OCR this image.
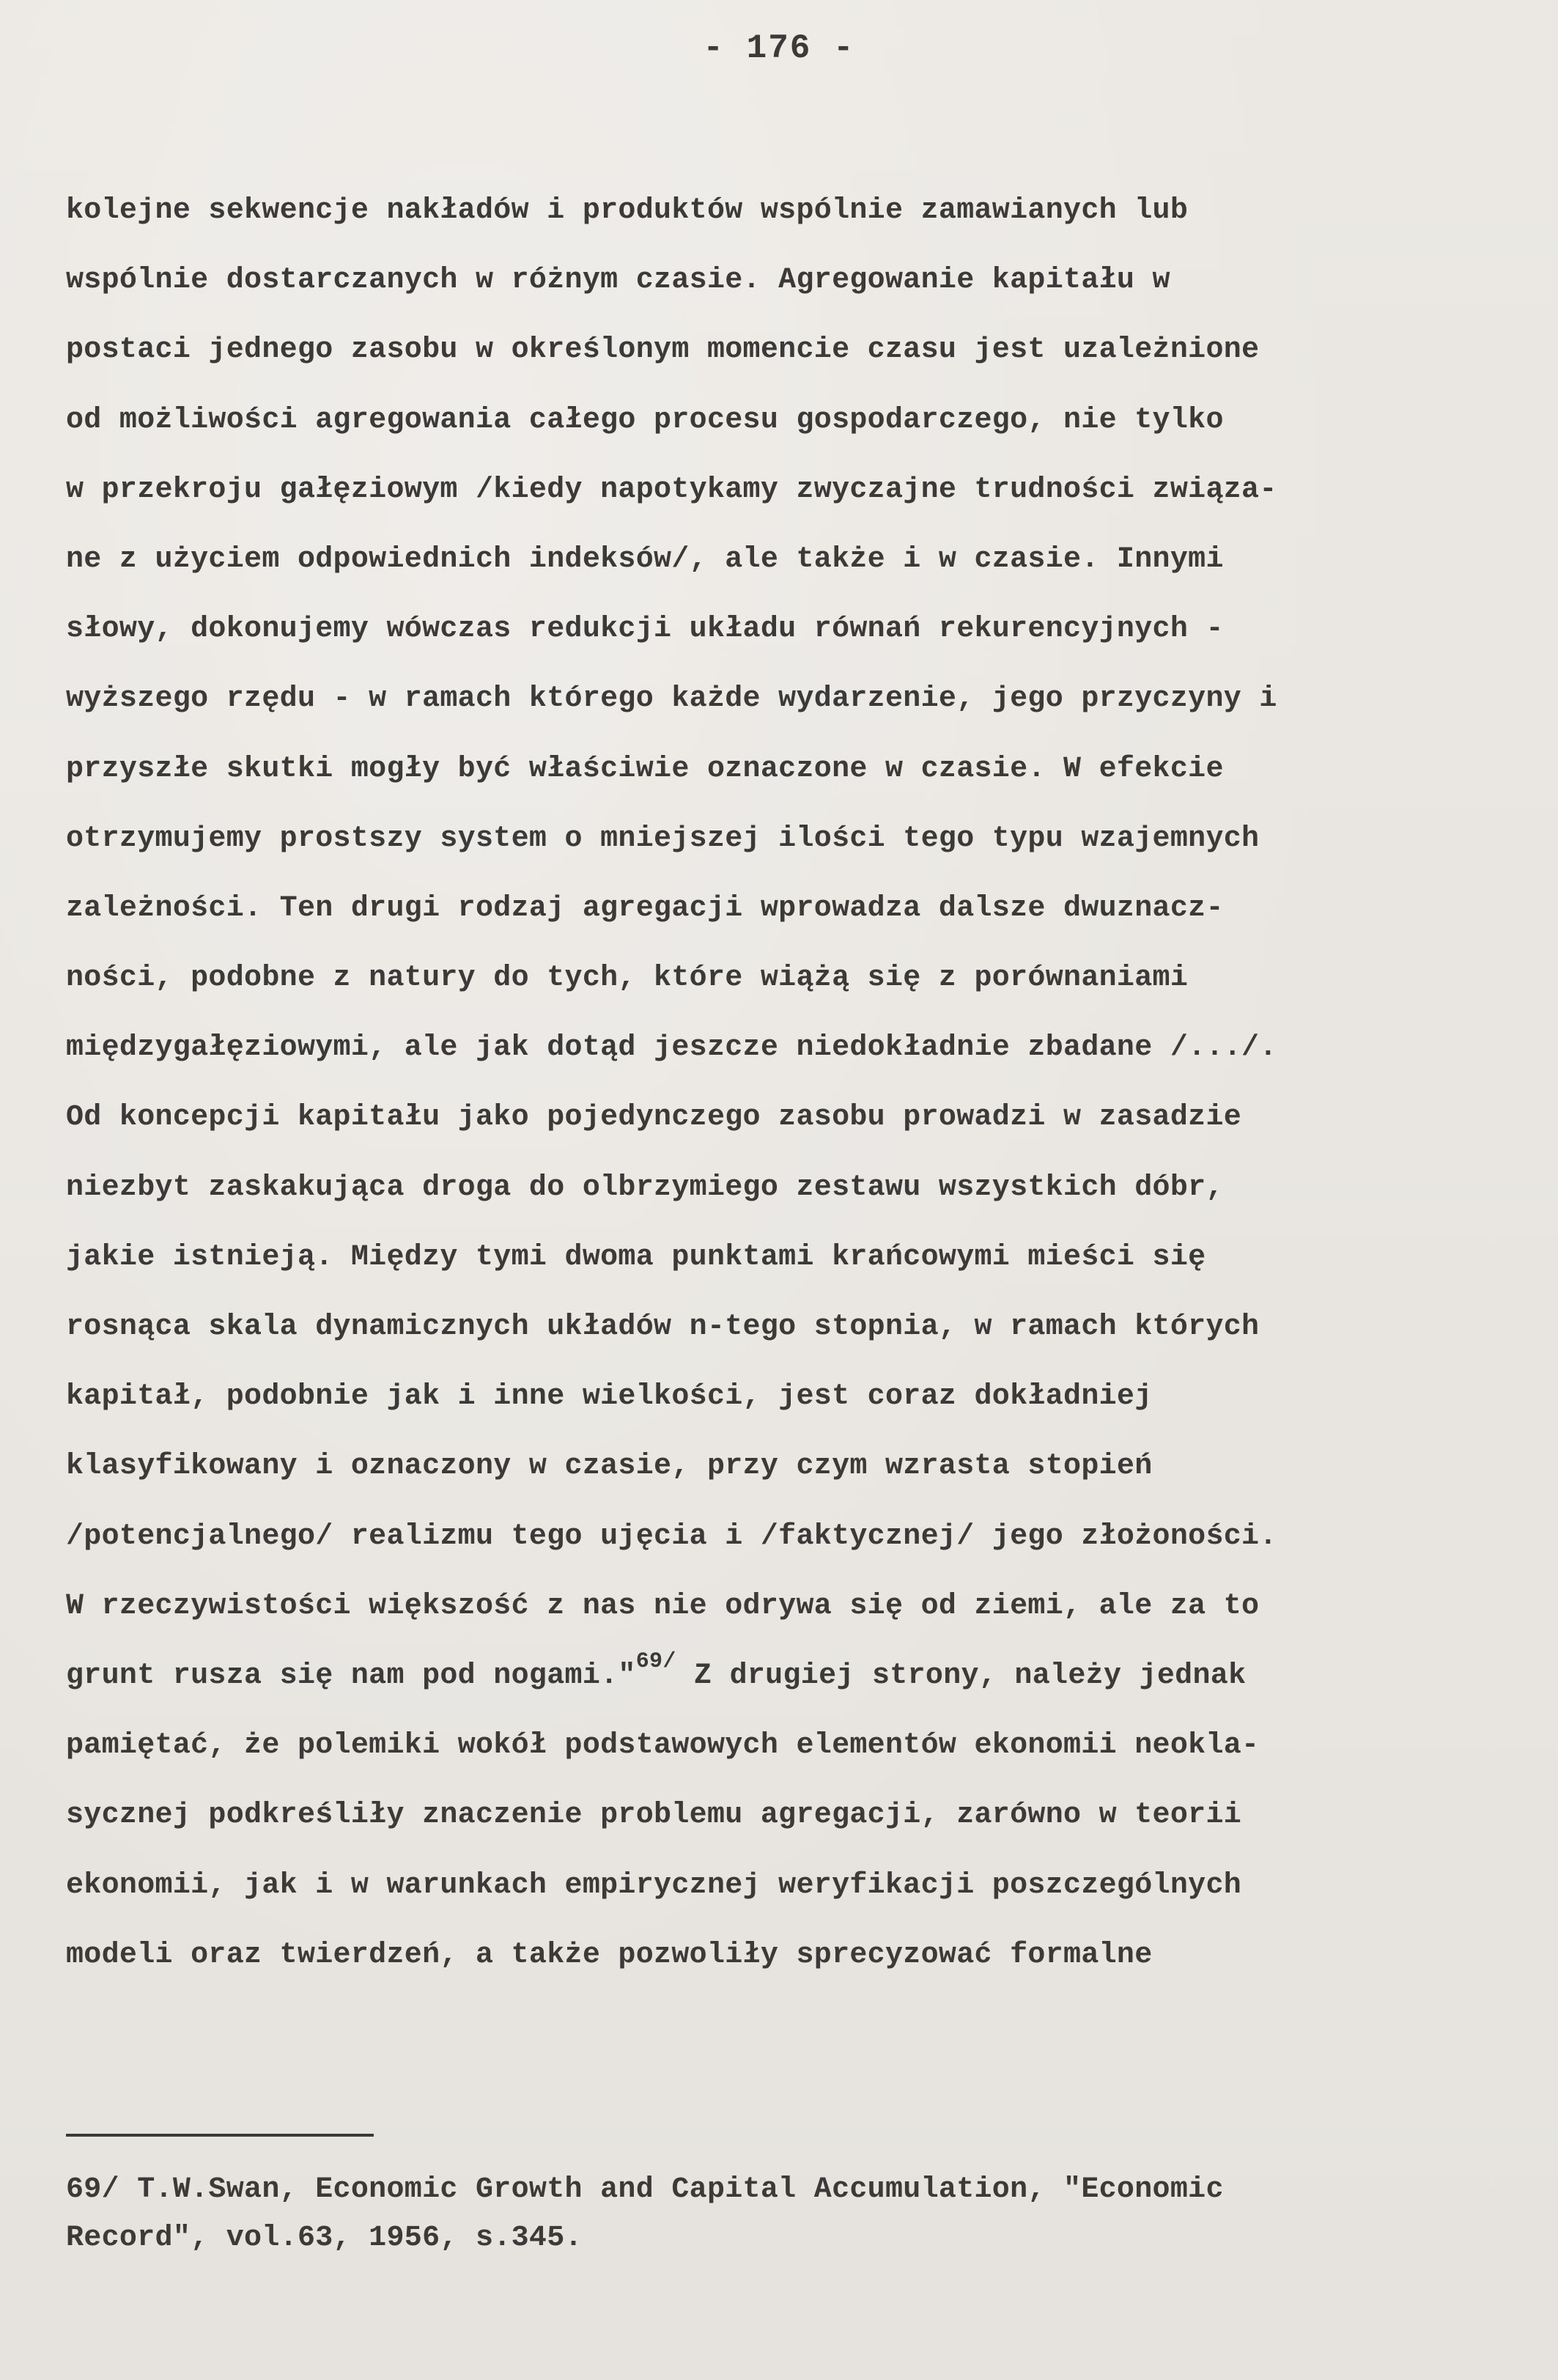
- 176 -
kolejne sekwencje nakładów i produktów wspólnie zamawianych lub
wspólnie dostarczanych w różnym czasie. Agregowanie kapitału w
postaci jednego zasobu w określonym momencie czasu jest uzależnione
od możliwości agregowania całego procesu gospodarczego, nie tylko
w przekroju gałęziowym /kiedy napotykamy zwyczajne trudności związa-
ne z użyciem odpowiednich indeksów/, ale także i w czasie. Innymi
słowy, dokonujemy wówczas redukcji układu równań rekurencyjnych -
wyższego rzędu - w ramach którego każde wydarzenie, jego przyczyny i
przyszłe skutki mogły być właściwie oznaczone w czasie. W efekcie
otrzymujemy prostszy system o mniejszej ilości tego typu wzajemnych
zależności. Ten drugi rodzaj agregacji wprowadza dalsze dwuznacz-
ności, podobne z natury do tych, które wiążą się z porównaniami
międzygałęziowymi, ale jak dotąd jeszcze niedokładnie zbadane /.../.
Od koncepcji kapitału jako pojedynczego zasobu prowadzi w zasadzie
niezbyt zaskakująca droga do olbrzymiego zestawu wszystkich dóbr,
jakie istnieją. Między tymi dwoma punktami krańcowymi mieści się
rosnąca skala dynamicznych układów n-tego stopnia, w ramach których
kapitał, podobnie jak i inne wielkości, jest coraz dokładniej
klasyfikowany i oznaczony w czasie, przy czym wzrasta stopień
/potencjalnego/ realizmu tego ujęcia i /faktycznej/ jego złożoności.
W rzeczywistości większość z nas nie odrywa się od ziemi, ale za to
grunt rusza się nam pod nogami."$^{69/}$ Z drugiej strony, należy jednak
pamiętać, że polemiki wokół podstawowych elementów ekonomii neokla-
sycznej podkreśliły znaczenie problemu agregacji, zarówno w teorii
ekonomii, jak i w warunkach empirycznej weryfikacji poszczególnych
modeli oraz twierdzeń, a także pozwoliły sprecyzować formalne
69/ T.W.Swan, Economic Growth and Capital Accumulation, "Economic
Record", vol.63, 1956, s.345.
